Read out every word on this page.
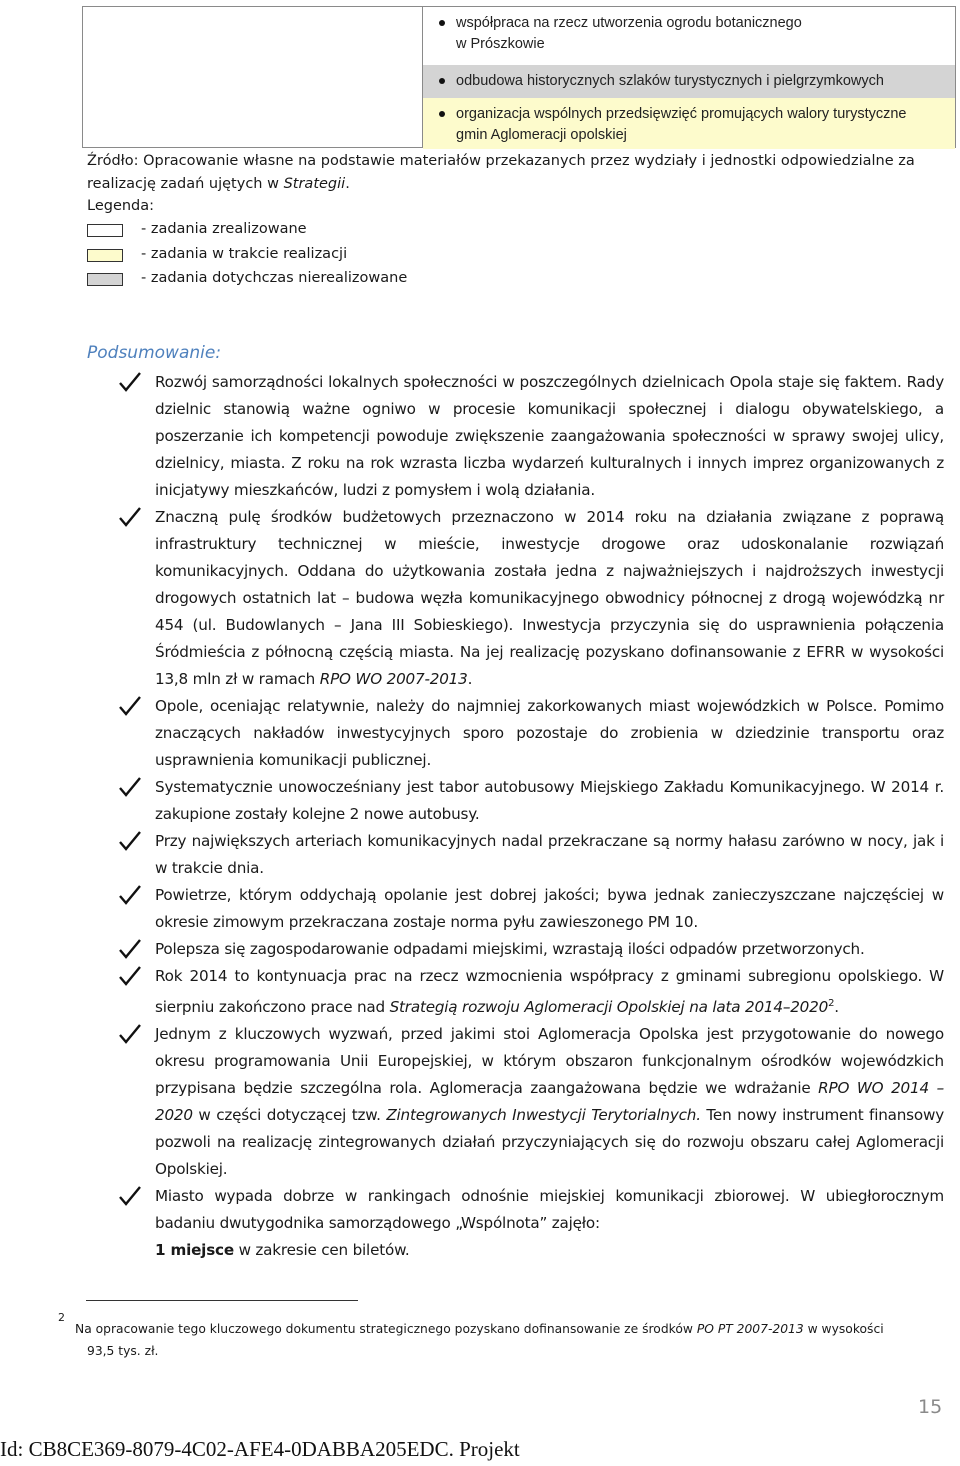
współpraca na rzecz utworzenia ogrodu botanicznego
w Prószkowie
odbudowa historycznych szlaków turystycznych i pielgrzymkowych
organizacja wspólnych przedsięwzięć promujących walory turystyczne
gmin Aglomeracji opolskiej
Źródło: Opracowanie własne na podstawie materiałów przekazanych przez wydziały i jednostki odpowiedzialne za realizację zadań ujętych w Strategii.
Legenda:
- zadania zrealizowane
- zadania w trakcie realizacji
- zadania dotychczas nierealizowane
Podsumowanie:

Rozwój samorządności lokalnych społeczności w poszczególnych dzielnicach Opola staje się faktem. Rady dzielnic stanowią ważne ogniwo w procesie komunikacji społecznej i dialogu obywatelskiego, a poszerzanie ich kompetencji powoduje zwiększenie zaangażowania społeczności w sprawy swojej ulicy, dzielnicy, miasta. Z roku na rok wzrasta liczba wydarzeń kulturalnych i innych imprez organizowanych z inicjatywy mieszkańców, ludzi z pomysłem i wolą działania.

Znaczną pulę środków budżetowych przeznaczono w 2014 roku na działania związane z poprawą infrastruktury technicznej w mieście, inwestycje drogowe oraz udoskonalanie rozwiązań komunikacyjnych. Oddana do użytkowania została jedna z najważniejszych i najdroższych inwestycji drogowych ostatnich lat – budowa węzła komunikacyjnego obwodnicy północnej z drogą wojewódzką nr 454 (ul. Budowlanych – Jana III Sobieskiego). Inwestycja przyczynia się do usprawnienia połączenia Śródmieścia z północną częścią miasta. Na jej realizację pozyskano dofinansowanie z EFRR w wysokości 13,8 mln zł w ramach RPO WO 2007-2013.

Opole, oceniając relatywnie, należy do najmniej zakorkowanych miast wojewódzkich w Polsce. Pomimo znaczących nakładów inwestycyjnych sporo pozostaje do zrobienia w dziedzinie transportu oraz usprawnienia komunikacji publicznej.

Systematycznie unowocześniany jest tabor autobusowy Miejskiego Zakładu Komunikacyjnego. W 2014 r. zakupione zostały kolejne 2 nowe autobusy.

Przy największych arteriach komunikacyjnych nadal przekraczane są normy hałasu zarówno w nocy, jak i w trakcie dnia.

Powietrze, którym oddychają opolanie jest dobrej jakości; bywa jednak zanieczyszczane najczęściej w okresie zimowym przekraczana zostaje norma pyłu zawieszonego PM 10.

Polepsza się zagospodarowanie odpadami miejskimi, wzrastają ilości odpadów przetworzonych.

Rok 2014 to kontynuacja prac na rzecz wzmocnienia współpracy z gminami subregionu opolskiego. W sierpniu zakończono prace nad Strategią rozwoju Aglomeracji Opolskiej na lata 2014–2020$^2$.

Jednym z kluczowych wyzwań, przed jakimi stoi Aglomeracja Opolska jest przygotowanie do nowego okresu programowania Unii Europejskiej, w którym obszaron funkcjonalnym ośrodków wojewódzkich przypisana będzie szczególna rola. Aglomeracja zaangażowana będzie we wdrażanie RPO WO 2014 – 2020 w części dotyczącej tzw. Zintegrowanych Inwestycji Terytorialnych. Ten nowy instrument finansowy pozwoli na realizację zintegrowanych działań przyczyniających się do rozwoju obszaru całej Aglomeracji Opolskiej.

Miasto wypada dobrze w rankingach odnośnie miejskiej komunikacji zbiorowej. W ubiegłorocznym badaniu dwutygodnika samorządowego „Wspólnota” zajęło:
1 miejsce w zakresie cen biletów.

2
Na opracowanie tego kluczowego dokumentu strategicznego pozyskano dofinansowanie ze środków PO PT 2007-2013 w wysokości
93,5 tys. zł.
15
Id: CB8CE369-8079-4C02-AFE4-0DABBA205EDC. Projekt
